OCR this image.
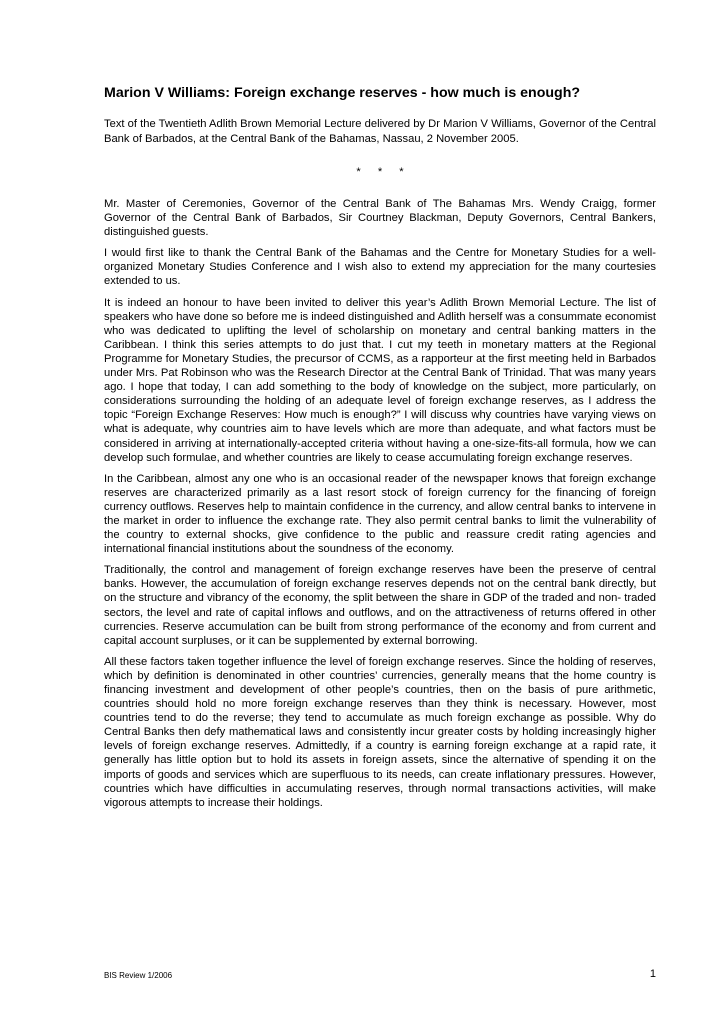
Marion V Williams: Foreign exchange reserves - how much is enough?

Text of the Twentieth Adlith Brown Memorial Lecture delivered by Dr Marion V Williams, Governor of the Central Bank of Barbados, at the Central Bank of the Bahamas, Nassau, 2 November 2005.

* * *

Mr. Master of Ceremonies, Governor of the Central Bank of The Bahamas Mrs. Wendy Craigg, former Governor of the Central Bank of Barbados, Sir Courtney Blackman, Deputy Governors, Central Bankers, distinguished guests.

I would first like to thank the Central Bank of the Bahamas and the Centre for Monetary Studies for a well-organized Monetary Studies Conference and I wish also to extend my appreciation for the many courtesies extended to us.

It is indeed an honour to have been invited to deliver this year’s Adlith Brown Memorial Lecture. The list of speakers who have done so before me is indeed distinguished and Adlith herself was a consummate economist who was dedicated to uplifting the level of scholarship on monetary and central banking matters in the Caribbean. I think this series attempts to do just that. I cut my teeth in monetary matters at the Regional Programme for Monetary Studies, the precursor of CCMS, as a rapporteur at the first meeting held in Barbados under Mrs. Pat Robinson who was the Research Director at the Central Bank of Trinidad. That was many years ago. I hope that today, I can add something to the body of knowledge on the subject, more particularly, on considerations surrounding the holding of an adequate level of foreign exchange reserves, as I address the topic “Foreign Exchange Reserves: How much is enough?” I will discuss why countries have varying views on what is adequate, why countries aim to have levels which are more than adequate, and what factors must be considered in arriving at internationally-accepted criteria without having a one-size-fits-all formula, how we can develop such formulae, and whether countries are likely to cease accumulating foreign exchange reserves.

In the Caribbean, almost any one who is an occasional reader of the newspaper knows that foreign exchange reserves are characterized primarily as a last resort stock of foreign currency for the financing of foreign currency outflows. Reserves help to maintain confidence in the currency, and allow central banks to intervene in the market in order to influence the exchange rate. They also permit central banks to limit the vulnerability of the country to external shocks, give confidence to the public and reassure credit rating agencies and international financial institutions about the soundness of the economy.

Traditionally, the control and management of foreign exchange reserves have been the preserve of central banks. However, the accumulation of foreign exchange reserves depends not on the central bank directly, but on the structure and vibrancy of the economy, the split between the share in GDP of the traded and non- traded sectors, the level and rate of capital inflows and outflows, and on the attractiveness of returns offered in other currencies. Reserve accumulation can be built from strong performance of the economy and from current and capital account surpluses, or it can be supplemented by external borrowing.

All these factors taken together influence the level of foreign exchange reserves. Since the holding of reserves, which by definition is denominated in other countries’ currencies, generally means that the home country is financing investment and development of other people’s countries, then on the basis of pure arithmetic, countries should hold no more foreign exchange reserves than they think is necessary. However, most countries tend to do the reverse; they tend to accumulate as much foreign exchange as possible. Why do Central Banks then defy mathematical laws and consistently incur greater costs by holding increasingly higher levels of foreign exchange reserves. Admittedly, if a country is earning foreign exchange at a rapid rate, it generally has little option but to hold its assets in foreign assets, since the alternative of spending it on the imports of goods and services which are superfluous to its needs, can create inflationary pressures. However, countries which have difficulties in accumulating reserves, through normal transactions activities, will make vigorous attempts to increase their holdings.

BIS Review 1/2006	1
